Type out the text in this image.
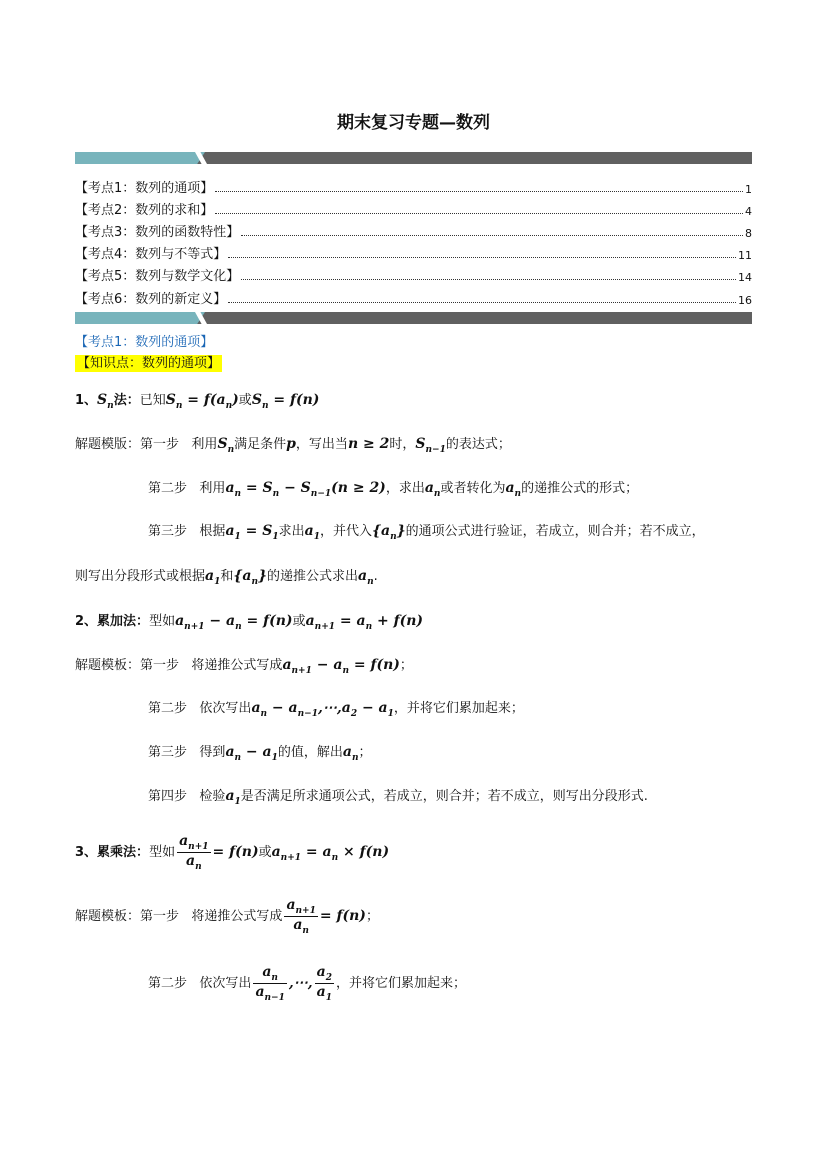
期末复习专题—数列
【考点1：数列的通项】	1
【考点2：数列的求和】	4
【考点3：数列的函数特性】	8
【考点4：数列与不等式】	11
【考点5：数列与数学文化】	14
【考点6：数列的新定义】	16
【考点1：数列的通项】
【知识点：数列的通项】
1、$S_n$法：已知$S_n = f(a_n)$或$S_n = f(n)$
解题模版：第一步 利用$S_n$满足条件p，写出当n ≥ 2时，$S_{n-1}$的表达式；
第二步 利用$a_n = S_n - S_{n-1}(n \ge 2)$，求出$a_n$或者转化为$a_n$的递推公式的形式；
第三步 根据$a_1 = S_1$求出$a_1$，并代入$\{a_n\}$的通项公式进行验证，若成立，则合并；若不成立，
则写出分段形式或根据$a_1$和$\{a_n\}$的递推公式求出$a_n$.
2、累加法：型如$a_{n+1} - a_n = f(n)$或$a_{n+1} = a_n + f(n)$
解题模板：第一步 将递推公式写成$a_{n+1} - a_n = f(n)$；
第二步 依次写出$a_n$ − $a_{n-1},\cdots,a_2 - a_1$，并将它们累加起来；
第三步 得到$a_n - a_1$的值，解出$a_n$；
第四步 检验$a_1$是否满足所求通项公式，若成立，则合并；若不成立，则写出分段形式.
3、累乘法：型如 $\frac{a_{n+1}}{a_n} = f(n)$或$a_{n+1} = a_n \times f(n)$
解题模板：第一步 将递推公式写成 $\frac{a_{n+1}}{a_n} = f(n)$；
第二步 依次写出 $\frac{a_n}{a_{n-1}}$ ,⋯, $\frac{a_2}{a_1}$ ，并将它们累加起来；
